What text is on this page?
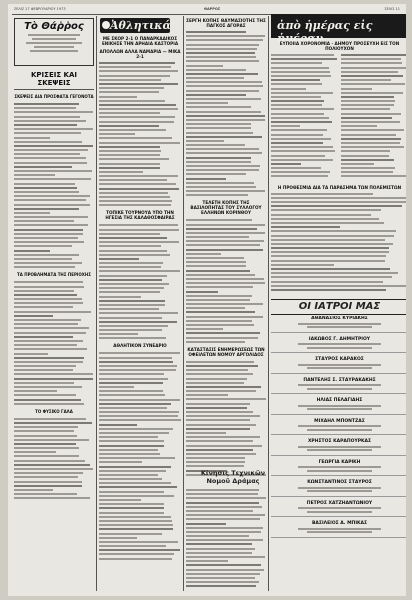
ΣΕΛΙΣ 17 ΦΕΒΡΟΥΑΡΙΟΥ 1973	ΘΑΡΡΟΣ	ΣΕΛΙΣ 11
Τὸ Θάῤῥος
ΚΡΙΣΕΙΣ ΚΑΙ ΣΚΕΨΕΙΣ
ΣΚΕΨΕΙΣ ΔΙΑ ΠΡΟΣΦΑΤΑ ΓΕΓΟΝΟΤΑ
ΤΑ ΠΡΟΒΛΗΜΑΤΑ ΤΗΣ ΠΕΡΙΟΧΗΣ
ΤΟ ΦΥΣΙΚΟ ΓΑΛΑ
Ἀθλητικά
ΜΕ ΣΚΟΡ 2-1 Ο ΠΑΝΑΡΚΑΔΙΚΟΣ ΕΝΙΚΗΣΕ ΤΗΝ ΑΡΗΑΙΑ ΚΑΣΤΟΡΙΑ
ΑΠΟΛΛΩΝ ΑΛΛΑ ΝΑΜΑΡΙΑ — ΜΙΚΑ 2-1
ΤΟΠΙΚΕ ΤΟΥΡΝΟΥΑ ΥΠΟ ΤΗΝ ΗΓΕΣΙΑ ΤΗΣ ΚΑΛΑΘΟΣΦΑΙΡΑΣ
ΑΘΛΗΤΙΚΟΝ ΣΥΝΕΔΡΙΟ
ΣΕΡΓΗ ΚΟΠΗΣ ΘΑΥΜΑΣΙΟΤΗΣ ΤΗΣ ΠΑΓΚΟΣ ΑΓΟΡΑΣ
ΤΕΛΕΤΗ ΚΟΠΗΣ ΤΗΣ ΒΑΣΙΛΟΠΗΤΑΣ ΤΟΥ ΣΥΛΛΟΓΟΥ ΕΛΛΗΝΩΝ ΚΟΡΙΝΘΟΥ
ΚΑΤΑΣΤΑΣΙΣ ΕΝΗΜΕΡΩΣΕΩΣ ΤΩΝ ΟΦΕΙΛΕΤΩΝ ΝΟΜΟΥ ΑΡΓΟΛΙΔΟΣ
Κίνησις Τεχνικῶν Νομοῦ Δράμας
ἀπὸ ἡμέρας εἰς ἡμέραν
ΕΥΠΟΙΙΑ ΧΟΡΟΝΟΜΙΑ · ΔΗΜΟΥ ΠΡΟΣΕΥΧΗ ΕΙΣ ΤΟΝ ΠΟΛΙΟΥΧΟΝ
Η ΠΡΟΘΕΣΜΙΑ ΔΙΑ ΤΑ ΠΑΡΑΣΗΜΑ ΤΩΝ ΠΟΛΕΜΙΣΤΩΝ
ΟΙ ΙΑΤΡΟΙ ΜΑΣ
ΑΘΑΝΑΣΙΟΣ ΚΥΡΙΑΚΗΣ
ΙΑΚΩΒΟΣ Γ. ΔΗΜΗΤΡΙΟΥ
ΣΤΑΥΡΟΣ ΚΑΡΑΚΟΣ
ΠΑΝΤΕΛΗΣ Σ. ΣΤΑΥΡΑΚΑΚΗΣ
ΗΛΙΑΣ ΠΕΛΑΓΙΔΗΣ
ΜΙΧΑΗΛ ΜΠΟΝΤΖΑΣ
ΧΡΗΣΤΟΣ ΚΑΡΑΠΟΥΡΚΑΣ
ΓΕΩΡΓΙΑ ΚΑΡΙΚΗ
ΚΩΝΣΤΑΝΤΙΝΟΣ ΣΤΑΥΡΟΣ
ΠΕΤΡΟΣ ΧΑΤΖΗΑΝΤΩΝΙΟΥ
ΒΑΣΙΛΕΙΟΣ Α. ΜΠΙΚΑΣ
